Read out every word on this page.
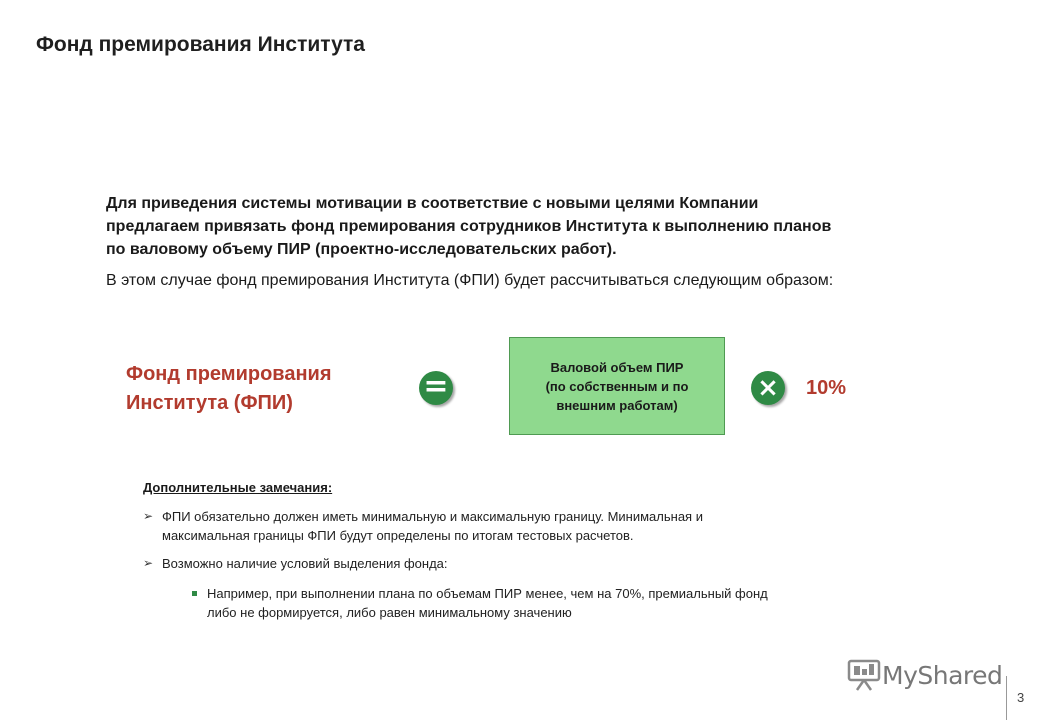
Фонд премирования Института
Для приведения системы мотивации в соответствие с новыми целями Компании
предлагаем привязать фонд премирования сотрудников Института к выполнению планов
по валовому объему ПИР (проектно-исследовательских работ).
В этом случае фонд премирования Института (ФПИ) будет рассчитываться следующим образом:
Фонд премирования
Института (ФПИ)	=
Валовой объем ПИР
(по собственным и по
внешним работам)
×	10%
Дополнительные замечания:
➢ ФПИ обязательно должен иметь минимальную и максимальную границу. Минимальная и
максимальная границы ФПИ будут определены по итогам тестовых расчетов.
➢ Возможно наличие условий выделения фонда:
Например, при выполнении плана по объемам ПИР менее, чем на 70%, премиальный фонд
либо не формируется, либо равен минимальному значению
MyShared
3
